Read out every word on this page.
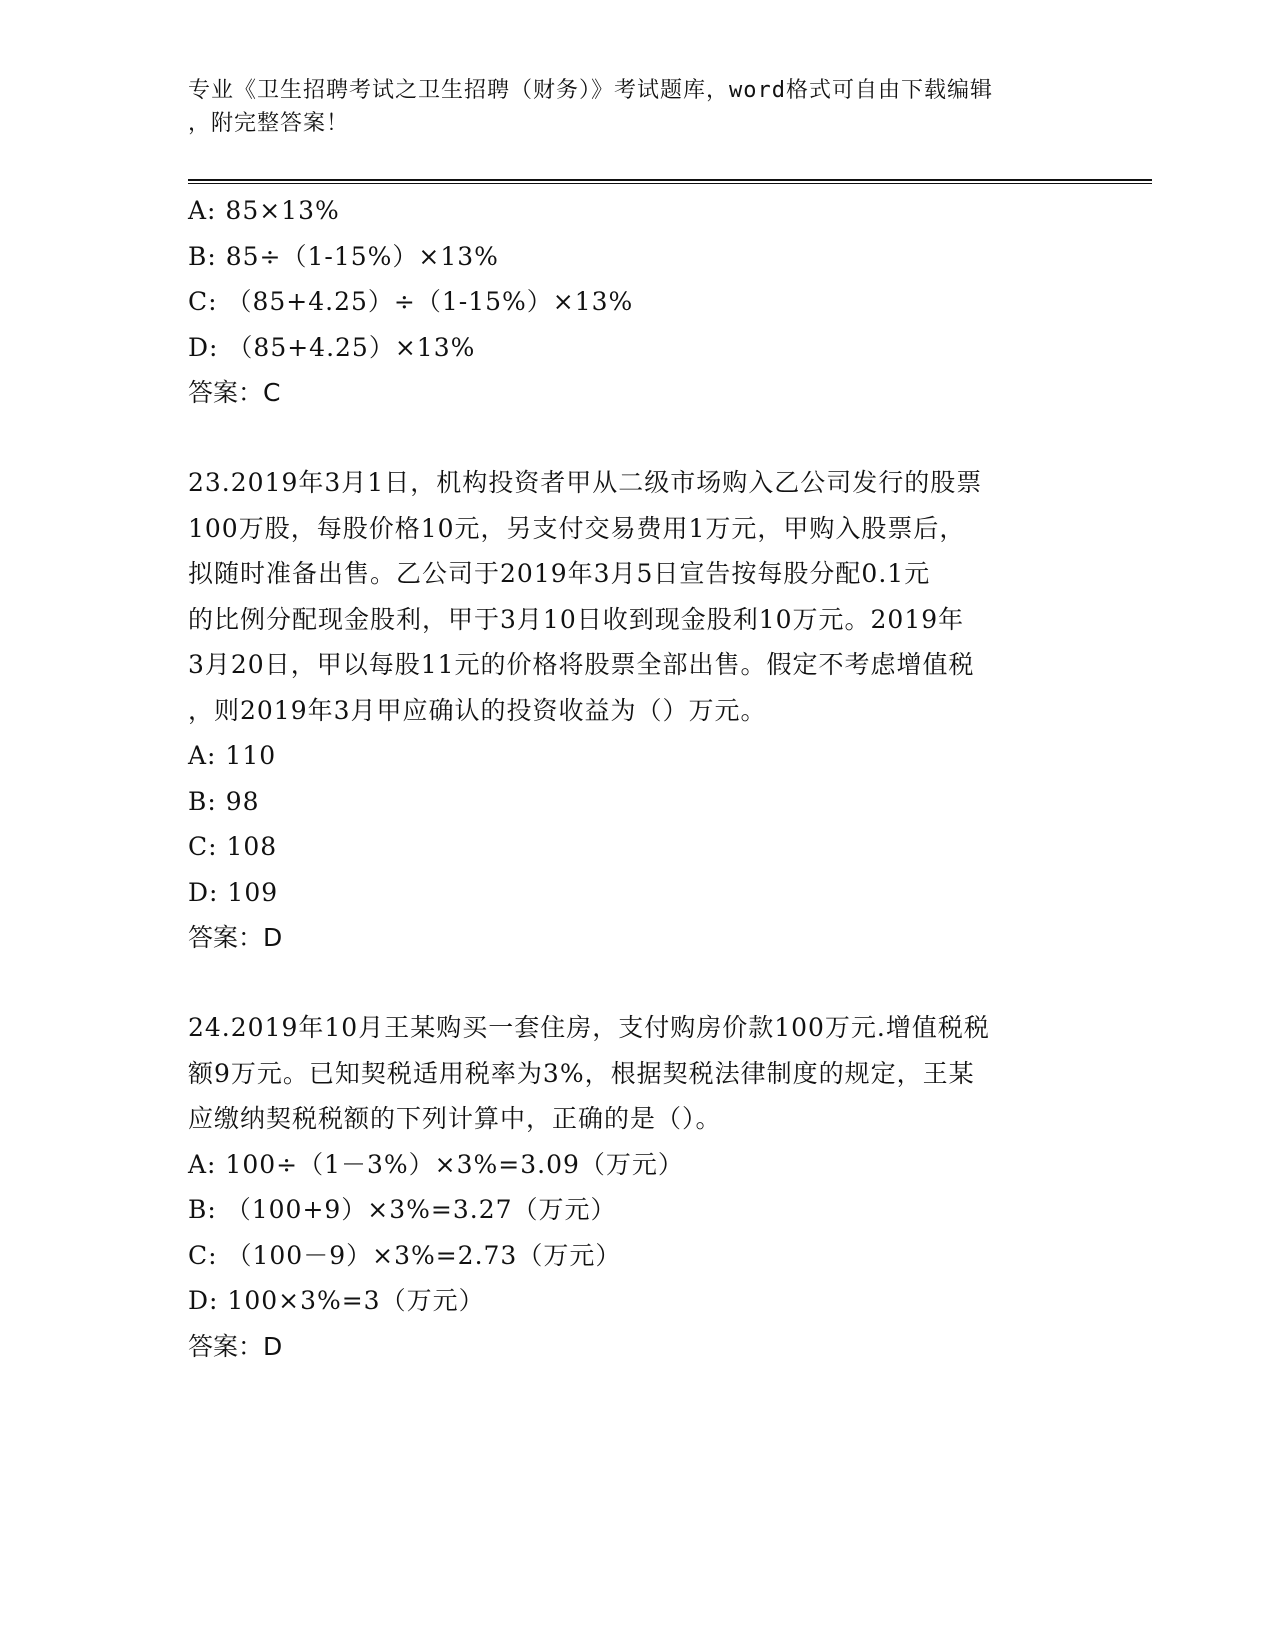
专业《卫生招聘考试之卫生招聘（财务）》考试题库，word格式可自由下载编辑
，附完整答案！
A: 85×13%
B: 85÷（1-15%）×13%
C: （85+4.25）÷（1-15%）×13%
D: （85+4.25）×13%
答案：C
23.2019年3月1日，机构投资者甲从二级市场购入乙公司发行的股票
100万股，每股价格10元，另支付交易费用1万元，甲购入股票后，
拟随时准备出售。乙公司于2019年3月5日宣告按每股分配0.1元
的比例分配现金股利，甲于3月10日收到现金股利10万元。2019年
3月20日，甲以每股11元的价格将股票全部出售。假定不考虑增值税
，则2019年3月甲应确认的投资收益为（）万元。
A: 110
B: 98
C: 108
D: 109
答案：D
24.2019年10月王某购买一套住房，支付购房价款100万元.增值税税
额9万元。已知契税适用税率为3%，根据契税法律制度的规定，王某
应缴纳契税税额的下列计算中，正确的是（）。
A: 100÷（1－3%）×3%=3.09（万元）
B: （100+9）×3%=3.27（万元）
C: （100－9）×3%=2.73（万元）
D: 100×3%=3（万元）
答案：D
